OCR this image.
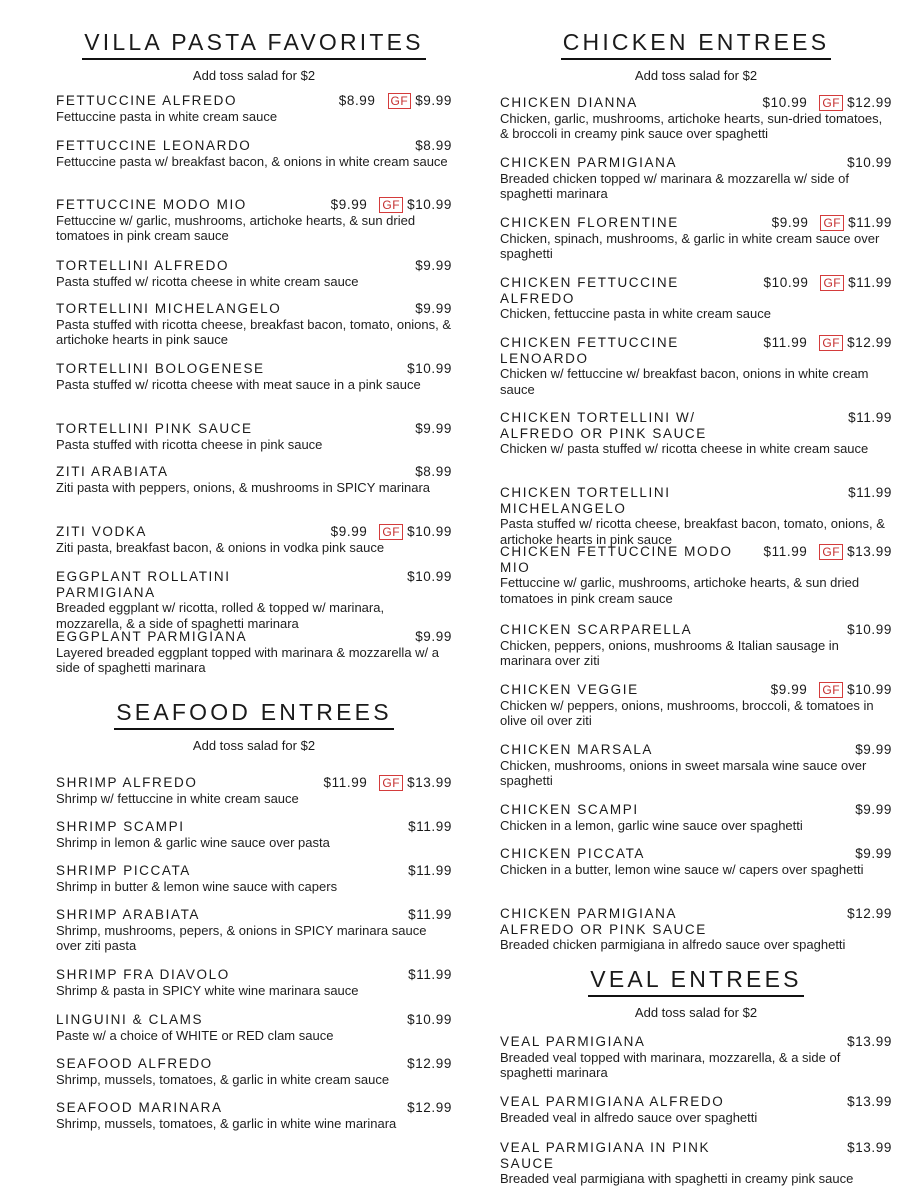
VILLA PASTA FAVORITES
Add toss salad for $2
FETTUCCINE ALFREDO	$8.99 GF $9.99
Fettuccine pasta in white cream sauce
FETTUCCINE LEONARDO	$8.99
Fettuccine pasta w/ breakfast bacon, & onions in white cream sauce
FETTUCCINE MODO MIO	$9.99 GF $10.99
Fettuccine w/ garlic, mushrooms, artichoke hearts, & sun dried tomatoes in pink cream sauce
TORTELLINI ALFREDO	$9.99
Pasta stuffed w/ ricotta cheese in white cream sauce
TORTELLINI MICHELANGELO	$9.99
Pasta stuffed with ricotta cheese, breakfast bacon, tomato, onions, & artichoke hearts in pink sauce
TORTELLINI BOLOGENESE	$10.99
Pasta stuffed w/ ricotta cheese with meat sauce in a pink sauce
TORTELLINI PINK SAUCE	$9.99
Pasta stuffed with ricotta cheese in pink sauce
ZITI ARABIATA	$8.99
Ziti pasta with peppers, onions, & mushrooms in SPICY marinara
ZITI VODKA	$9.99 GF $10.99
Ziti pasta, breakfast bacon, & onions in vodka pink sauce
EGGPLANT ROLLATINI PARMIGIANA
$10.99
Breaded eggplant w/ ricotta, rolled & topped w/ marinara, mozzarella, & a side of spaghetti marinara
EGGPLANT PARMIGIANA	$9.99
Layered breaded eggplant topped with marinara & mozzarella w/ a side of spaghetti marinara
SEAFOOD ENTREES
Add toss salad for $2
SHRIMP ALFREDO	$11.99 GF $13.99
Shrimp w/ fettuccine in white cream sauce
SHRIMP SCAMPI	$11.99
Shrimp in lemon & garlic wine sauce over pasta
SHRIMP PICCATA	$11.99
Shrimp in butter & lemon wine sauce with capers
SHRIMP ARABIATA	$11.99
Shrimp, mushrooms, pepers, & onions in SPICY marinara sauce over ziti pasta
SHRIMP FRA DIAVOLO	$11.99
Shrimp & pasta in SPICY white wine marinara sauce
LINGUINI & CLAMS	$10.99
Paste w/ a choice of WHITE or RED clam sauce
SEAFOOD ALFREDO	$12.99
Shrimp, mussels, tomatoes, & garlic in white cream sauce
SEAFOOD MARINARA	$12.99
Shrimp, mussels, tomatoes, & garlic in white wine marinara
CHICKEN ENTREES
Add toss salad for $2
CHICKEN DIANNA	$10.99 GF $12.99
Chicken, garlic, mushrooms, artichoke hearts, sun-dried tomatoes, & broccoli in creamy pink sauce over spaghetti
CHICKEN PARMIGIANA	$10.99
Breaded chicken topped w/ marinara & mozzarella w/ side of spaghetti marinara
CHICKEN FLORENTINE	$9.99 GF $11.99
Chicken, spinach, mushrooms, & garlic in white cream sauce over spaghetti
CHICKEN FETTUCCINE ALFREDO
$10.99 GF $11.99
Chicken, fettuccine pasta in white cream sauce
CHICKEN FETTUCCINE LENOARDO
$11.99 GF $12.99
Chicken w/ fettuccine w/ breakfast bacon, onions in white cream sauce
CHICKEN TORTELLINI W/ ALFREDO OR PINK SAUCE
$11.99
Chicken w/ pasta stuffed w/ ricotta cheese in white cream sauce
CHICKEN TORTELLINI MICHELANGELO
$11.99
Pasta stuffed w/ ricotta cheese, breakfast bacon, tomato, onions, & artichoke hearts in pink sauce
CHICKEN FETTUCCINE MODO MIO
$11.99 GF $13.99
Fettuccine w/ garlic, mushrooms, artichoke hearts, & sun dried tomatoes in pink cream sauce
CHICKEN SCARPARELLA	$10.99
Chicken, peppers, onions, mushrooms & Italian sausage in marinara over ziti
CHICKEN VEGGIE	$9.99 GF $10.99
Chicken w/ peppers, onions, mushrooms, broccoli, & tomatoes in olive oil over ziti
CHICKEN MARSALA	$9.99
Chicken, mushrooms, onions in sweet marsala wine sauce over spaghetti
CHICKEN SCAMPI	$9.99
Chicken in a lemon, garlic wine sauce over spaghetti
CHICKEN PICCATA	$9.99
Chicken in a butter, lemon wine sauce w/ capers over spaghetti
CHICKEN PARMIGIANA ALFREDO OR PINK SAUCE
$12.99
Breaded chicken parmigiana in alfredo sauce over spaghetti
VEAL ENTREES
Add toss salad for $2
VEAL PARMIGIANA	$13.99
Breaded veal topped with marinara, mozzarella, & a side of spaghetti marinara
VEAL PARMIGIANA ALFREDO	$13.99
Breaded veal in alfredo sauce over spaghetti
VEAL PARMIGIANA IN PINK SAUCE
$13.99
Breaded veal parmigiana with spaghetti in creamy pink sauce
